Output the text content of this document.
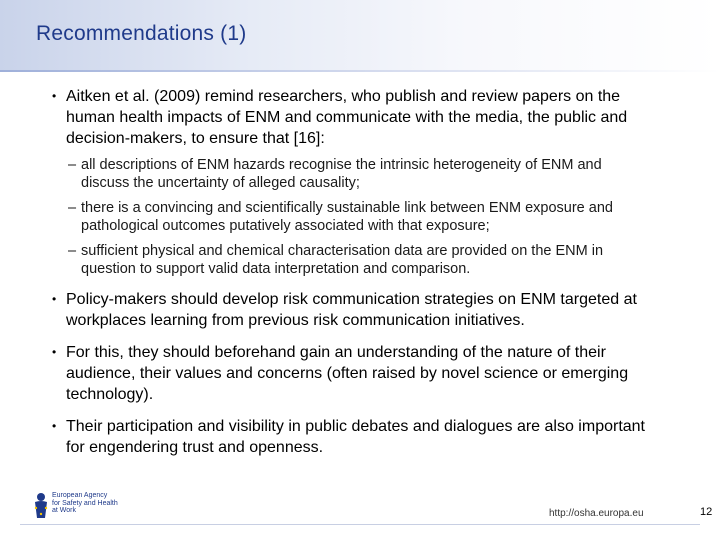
Recommendations (1)
• Aitken et al. (2009) remind researchers, who publish and review papers on the human health impacts of ENM and communicate with the media, the public and decision-makers, to ensure that [16]:
– all descriptions of ENM hazards recognise the intrinsic heterogeneity of ENM and discuss the uncertainty of alleged causality;
– there is a convincing and scientifically sustainable link between ENM exposure and pathological outcomes putatively associated with that exposure;
– sufficient physical and chemical characterisation data are provided on the ENM in question to support valid data interpretation and comparison.
• Policy-makers should develop risk communication strategies on ENM targeted at workplaces learning from previous risk communication initiatives.
• For this, they should beforehand gain an understanding of the nature of their audience, their values and concerns (often raised by novel science or emerging technology).
• Their participation and visibility in public debates and dialogues are also important for engendering trust and openness.
European Agency
for Safety and Health
at Work	http://osha.europa.eu	12
